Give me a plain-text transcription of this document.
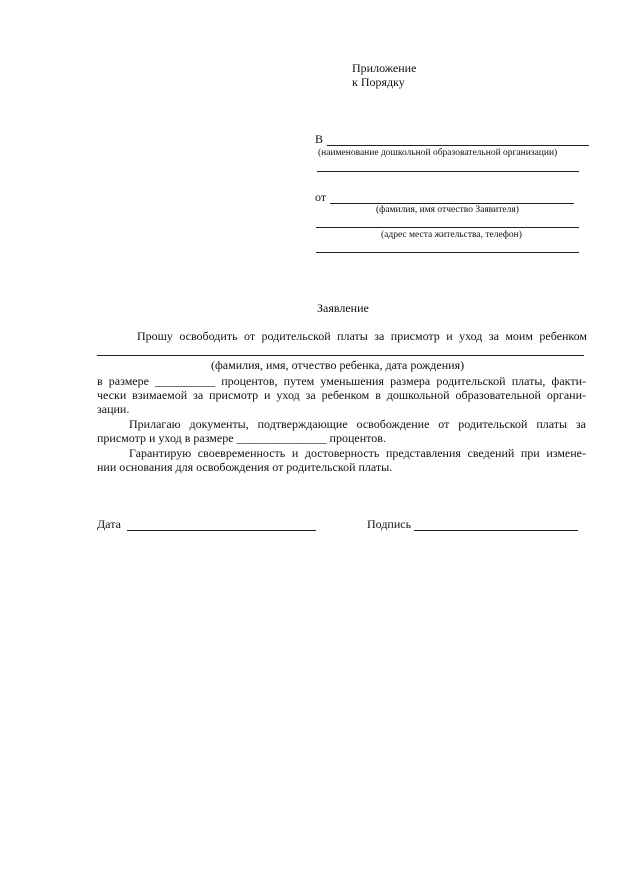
Приложение
к Порядку
В
(наименование дошкольной образовательной организации)
от
(фамилия, имя отчество Заявителя)
(адрес места жительства, телефон)
Заявление
Прошу освободить от родительской платы за присмотр и уход за моим ребенком
(фамилия, имя, отчество ребенка, дата рождения)
в размере __________ процентов, путем уменьшения размера родительской платы, факти-
чески взимаемой за присмотр и уход за ребенком в дошкольной образовательной органи-
зации.
Прилагаю документы, подтверждающие освобождение от родительской платы за
присмотр и уход в размере _______________ процентов.
Гарантирую своевременность и достоверность представления сведений при измене-
нии основания для освобождения от родительской платы.
Дата	Подпись
